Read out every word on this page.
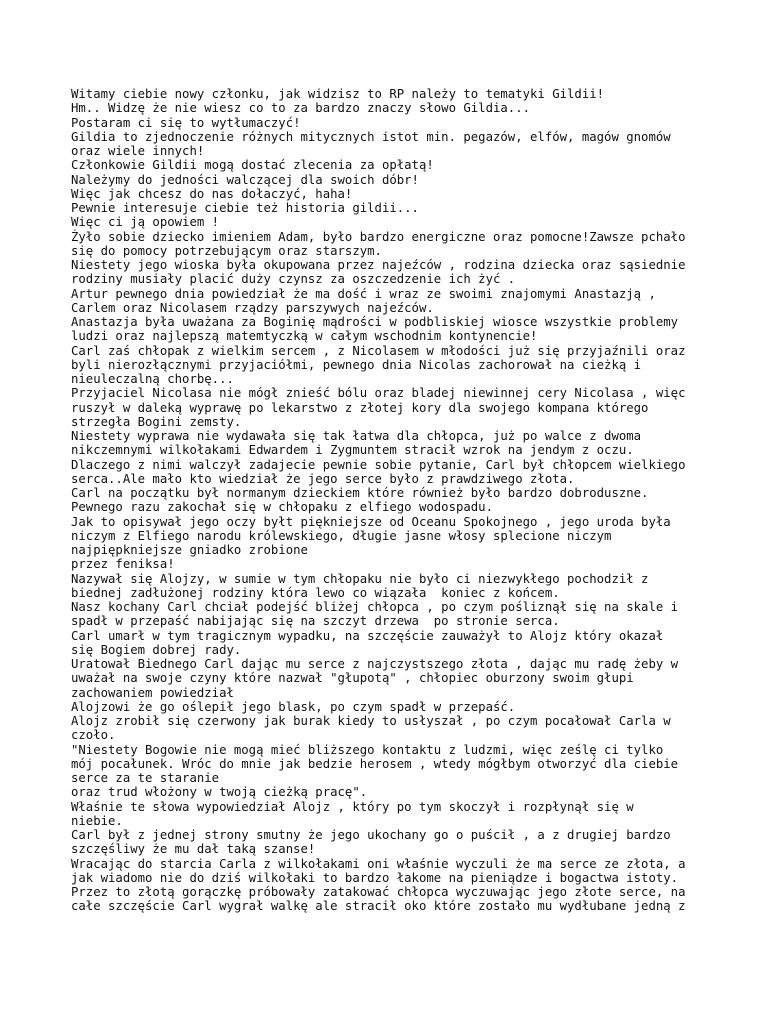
Witamy ciebie nowy członku, jak widzisz to RP należy to tematyki Gildii!
Hm.. Widzę że nie wiesz co to za bardzo znaczy słowo Gildia...
Postaram ci się to wytłumaczyć!
Gildia to zjednoczenie różnych mitycznych istot min. pegazów, elfów, magów gnomów
oraz wiele innych!
Członkowie Gildii mogą dostać zlecenia za opłatą!
Należymy do jedności walczącej dla swoich dóbr!
Więc jak chcesz do nas dołaczyć, haha!
Pewnie interesuje ciebie też historia gildii...
Więc ci ją opowiem !
Żyło sobie dziecko imieniem Adam, było bardzo energiczne oraz pomocne!Zawsze pchało
się do pomocy potrzebującym oraz starszym.
Niestety jego wioska była okupowana przez najeźców , rodzina dziecka oraz sąsiednie
rodziny musiały placić duży czynsz za oszczedzenie ich żyć .
Artur pewnego dnia powiedział że ma dość i wraz ze swoimi znajomymi Anastazją ,
Carlem oraz Nicolasem rządzy parszywych najeźców.
Anastazja była uważana za Boginię mądrości w podbliskiej wiosce wszystkie problemy
ludzi oraz najlepszą matemtyczką w całym wschodnim kontynencie!
Carl zaś chłopak z wielkim sercem , z Nicolasem w młodości już się przyjaźnili oraz
byli nierozłącznymi przyjaciółmi, pewnego dnia Nicolas zachorował na cieżką i
nieuleczalną chorbę...
Przyjaciel Nicolasa nie mógł znieść bólu oraz bladej niewinnej cery Nicolasa , więc
ruszył w daleką wyprawę po lekarstwo z złotej kory dla swojego kompana którego
strzegła Bogini zemsty.
Niestety wyprawa nie wydawała się tak łatwa dla chłopca, już po walce z dwoma
nikczemnymi wilkołakami Edwardem i Zygmuntem stracił wzrok na jendym z oczu.
Dlaczego z nimi walczył zadajecie pewnie sobie pytanie, Carl był chłopcem wielkiego
serca..Ale mało kto wiedział że jego serce było z prawdziwego złota.
Carl na początku był normanym dzieckiem które również było bardzo dobroduszne.
Pewnego razu zakochał się w chłopaku z elfiego wodospadu.
Jak to opisywał jego oczy byłt piękniejsze od Oceanu Spokojnego , jego uroda była
niczym z Elfiego narodu królewskiego, długie jasne włosy splecione niczym
najpiępkniejsze gniadko zrobione
przez feniksa!
Nazywał się Alojzy, w sumie w tym chłopaku nie było ci niezwykłego pochodził z
biednej zadłużonej rodziny która lewo co wiązała  koniec z końcem.
Nasz kochany Carl chciał podejść bliżej chłopca , po czym pośliznął się na skale i
spadł w przepaść nabijając się na szczyt drzewa  po stronie serca.
Carl umarł w tym tragicznym wypadku, na szczęście zauważył to Alojz który okazał
się Bogiem dobrej rady.
Uratował Biednego Carl dając mu serce z najczystszego złota , dając mu radę żeby w
uważał na swoje czyny które nazwał "głupotą" , chłopiec oburzony swoim głupi
zachowaniem powiedział
Alojzowi że go oślepił jego blask, po czym spadł w przepaść.
Alojz zrobił się czerwony jak burak kiedy to usłyszał , po czym pocałował Carla w
czoło.
"Niestety Bogowie nie mogą mieć bliższego kontaktu z ludzmi, więc ześlę ci tylko
mój pocałunek. Wróc do mnie jak bedzie herosem , wtedy mógłbym otworzyć dla ciebie
serce za te staranie
oraz trud włożony w twoją cieżką pracę".
Właśnie te słowa wypowiedział Alojz , który po tym skoczył i rozpłynął się w
niebie.
Carl był z jednej strony smutny że jego ukochany go o puścił , a z drugiej bardzo
szczęśliwy że mu dał taką szanse!
Wracając do starcia Carla z wilkołakami oni właśnie wyczuli że ma serce ze złota, a
jak wiadomo nie do dziś wilkołaki to bardzo łakome na pieniądze i bogactwa istoty.
Przez to złotą gorączkę próbowały zatakować chłopca wyczuwając jego złote serce, na
całe szczęście Carl wygrał walkę ale stracił oko które zostało mu wydłubane jedną z
